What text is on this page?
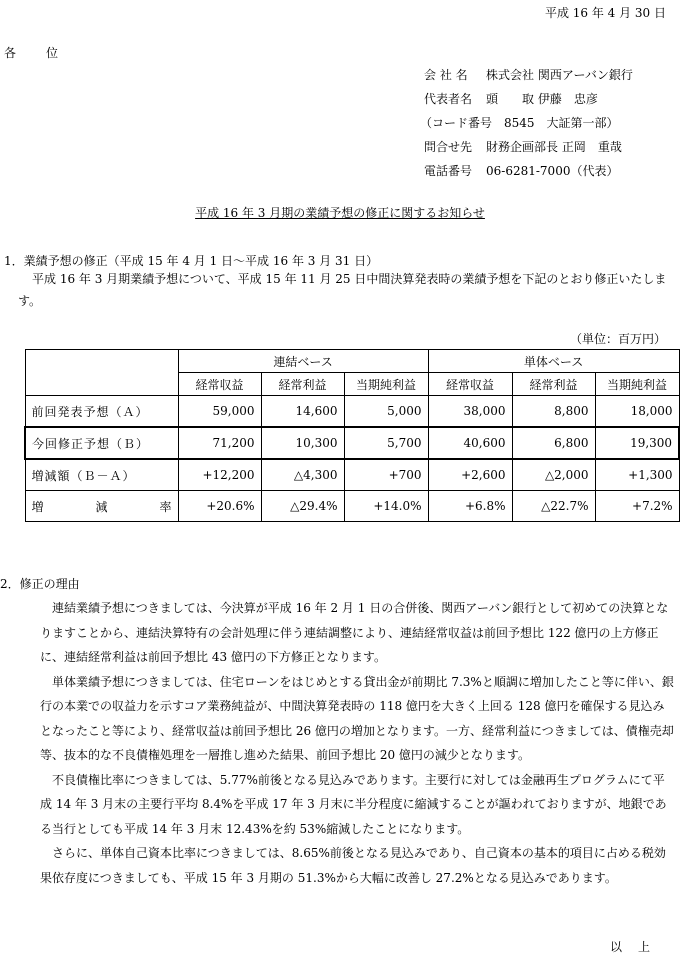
平成 16 年 4 月 30 日
各位
会 社 名	株式会社 関西アーバン銀行
代表者名	頭　　取 伊藤　忠彦
（コード番号　8545　大証第一部）
問合せ先	財務企画部長 正岡　重哉
電話番号	06-6281-7000（代表）
平成 16 年 3 月期の業績予想の修正に関するお知らせ
1．業績予想の修正（平成 15 年 4 月 1 日〜平成 16 年 3 月 31 日）
平成 16 年 3 月期業績予想について、平成 15 年 11 月 25 日中間決算発表時の業績予想を下記のとおり修正いたします。
（単位：百万円）
	連結ベース			単体ベース		
	経常収益	経常利益	当期純利益	経常収益	経常利益	当期純利益
前回発表予想（Ａ）	59,000	14,600	5,000	38,000	8,800	18,000
今回修正予想（Ｂ）	71,200	10,300	5,700	40,600	6,800	19,300
増減額（Ｂ－Ａ）	+12,200	△4,300	+700	+2,600	△2,000	+1,300

増 減 率	+20.6%	△29.4%	+14.0%	+6.8%	△22.7%	+7.2%
2．修正の理由

連結業績予想につきましては、今決算が平成 16 年 2 月 1 日の合併後、関西アーバン銀行として初めての決算となりますことから、連結決算特有の会計処理に伴う連結調整により、連結経常収益は前回予想比 122 億円の上方修正に、連結経常利益は前回予想比 43 億円の下方修正となります。

単体業績予想につきましては、住宅ローンをはじめとする貸出金が前期比 7.3%と順調に増加したこと等に伴い、銀行の本業での収益力を示すコア業務純益が、中間決算発表時の 118 億円を大きく上回る 128 億円を確保する見込みとなったこと等により、経常収益は前回予想比 26 億円の増加となります。一方、経常利益につきましては、債権売却等、抜本的な不良債権処理を一層推し進めた結果、前回予想比 20 億円の減少となります。

不良債権比率につきましては、5.77%前後となる見込みであります。主要行に対しては金融再生プログラムにて平成 14 年 3 月末の主要行平均 8.4%を平成 17 年 3 月末に半分程度に縮減することが謳われておりますが、地銀である当行としても平成 14 年 3 月末 12.43%を約 53%縮減したことになります。

さらに、単体自己資本比率につきましては、8.65%前後となる見込みであり、自己資本の基本的項目に占める税効果依存度につきましても、平成 15 年 3 月期の 51.3%から大幅に改善し 27.2%となる見込みであります。

以上
